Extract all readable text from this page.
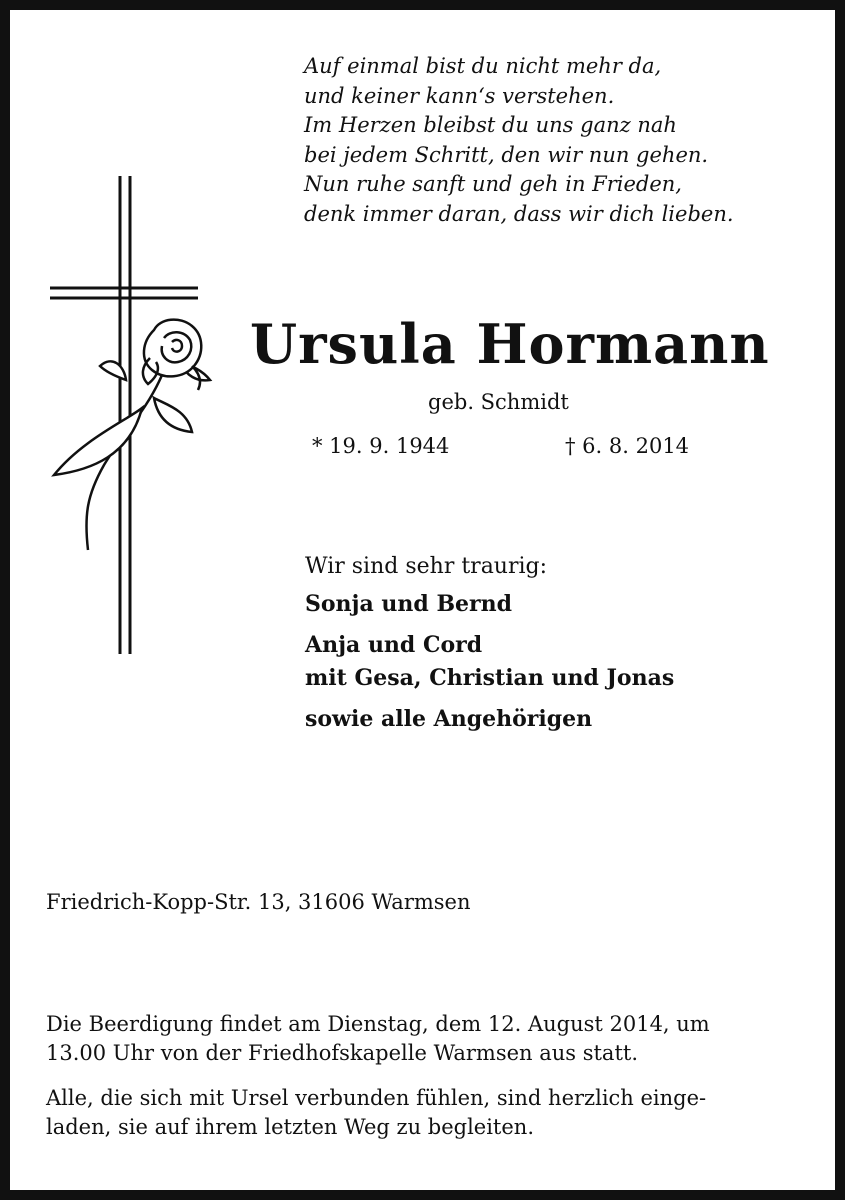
Auf einmal bist du nicht mehr da,
und keiner kann‘s verstehen.
Im Herzen bleibst du uns ganz nah
bei jedem Schritt, den wir nun gehen.
Nun ruhe sanft und geh in Frieden,
denk immer daran, dass wir dich lieben.
Ursula Hormann
geb. Schmidt
* 19. 9. 1944	† 6. 8. 2014
Wir sind sehr traurig:
Sonja und Bernd
Anja und Cord
mit Gesa, Christian und Jonas
sowie alle Angehörigen
Friedrich-Kopp-Str. 13, 31606 Warmsen
Die Beerdigung findet am Dienstag, dem 12. August 2014, um
13.00 Uhr von der Friedhofskapelle Warmsen aus statt.
Alle, die sich mit Ursel verbunden fühlen, sind herzlich einge-
laden, sie auf ihrem letzten Weg zu begleiten.
